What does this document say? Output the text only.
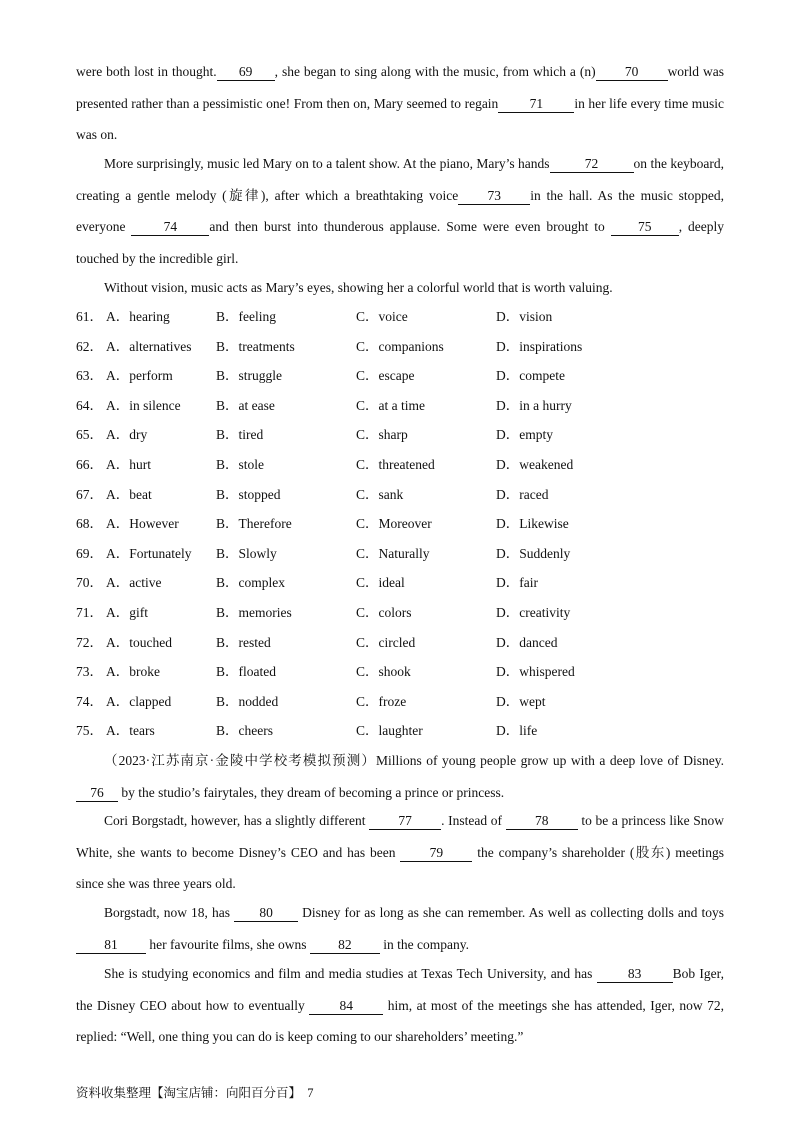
were both lost in thought. 69 , she began to sing along with the music, from which a (n) 70 world was presented rather than a pessimistic one! From then on, Mary seemed to regain 71 in her life every time music was on.
More surprisingly, music led Mary on to a talent show. At the piano, Mary’s hands	72	on the keyboard, creating a gentle melody (旋律), after which a breathtaking voice 73 in the hall. As the music stopped, everyone 74 and then burst into thunderous applause. Some were even brought to 75 , deeply touched by the incredible girl.
Without vision, music acts as Mary’s eyes, showing her a colorful world that is worth valuing.
61． A．hearing	B．feeling	C．voice	D．vision
62． A．alternatives B．treatments	C．companions	D．inspirations
63． A．perform	B．struggle	C．escape	D．compete
64． A．in silence	B．at ease	C．at a time	D．in a hurry
65． A．dry	B．tired	C．sharp	D．empty
66． A．hurt	B．stole	C．threatened	D．weakened
67． A．beat	B．stopped	C．sank	D．raced
68． A．However	B．Therefore	C．Moreover	D．Likewise
69． A．Fortunately B．Slowly	C．Naturally	D．Suddenly
70． A．active	B．complex	C．ideal	D．fair
71． A．gift	B．memories	C．colors	D．creativity
72． A．touched	B．rested	C．circled	D．danced
73． A．broke	B．floated	C．shook	D．whispered
74． A．clapped	B．nodded	C．froze	D．wept
75． A．tears	B．cheers	C．laughter	D．life
（2023·江苏南京·金陵中学校考模拟预测）Millions of young people grow up with a deep love of Disney.76 by the studio’s fairytales, they dream of becoming a prince or princess.
Cori Borgstadt, however, has a slightly different 77 . Instead of 78 to be a princess like Snow White, she wants to become Disney’s CEO and has been 79 the company’s shareholder (股东) meetings since she was three years old.
Borgstadt, now 18, has 80 Disney for as long as she can remember. As well as collecting dolls and toys 81 her favourite films, she owns 82 in the company.
She is studying economics and film and media studies at Texas Tech University, and has 83 Bob Iger, the Disney CEO about how to eventually 84 him, at most of the meetings she has attended, Iger, now 72, replied: “Well, one thing you can do is keep coming to our shareholders’ meeting.”
资料收集整理【淘宝店铺：向阳百分百】 7
